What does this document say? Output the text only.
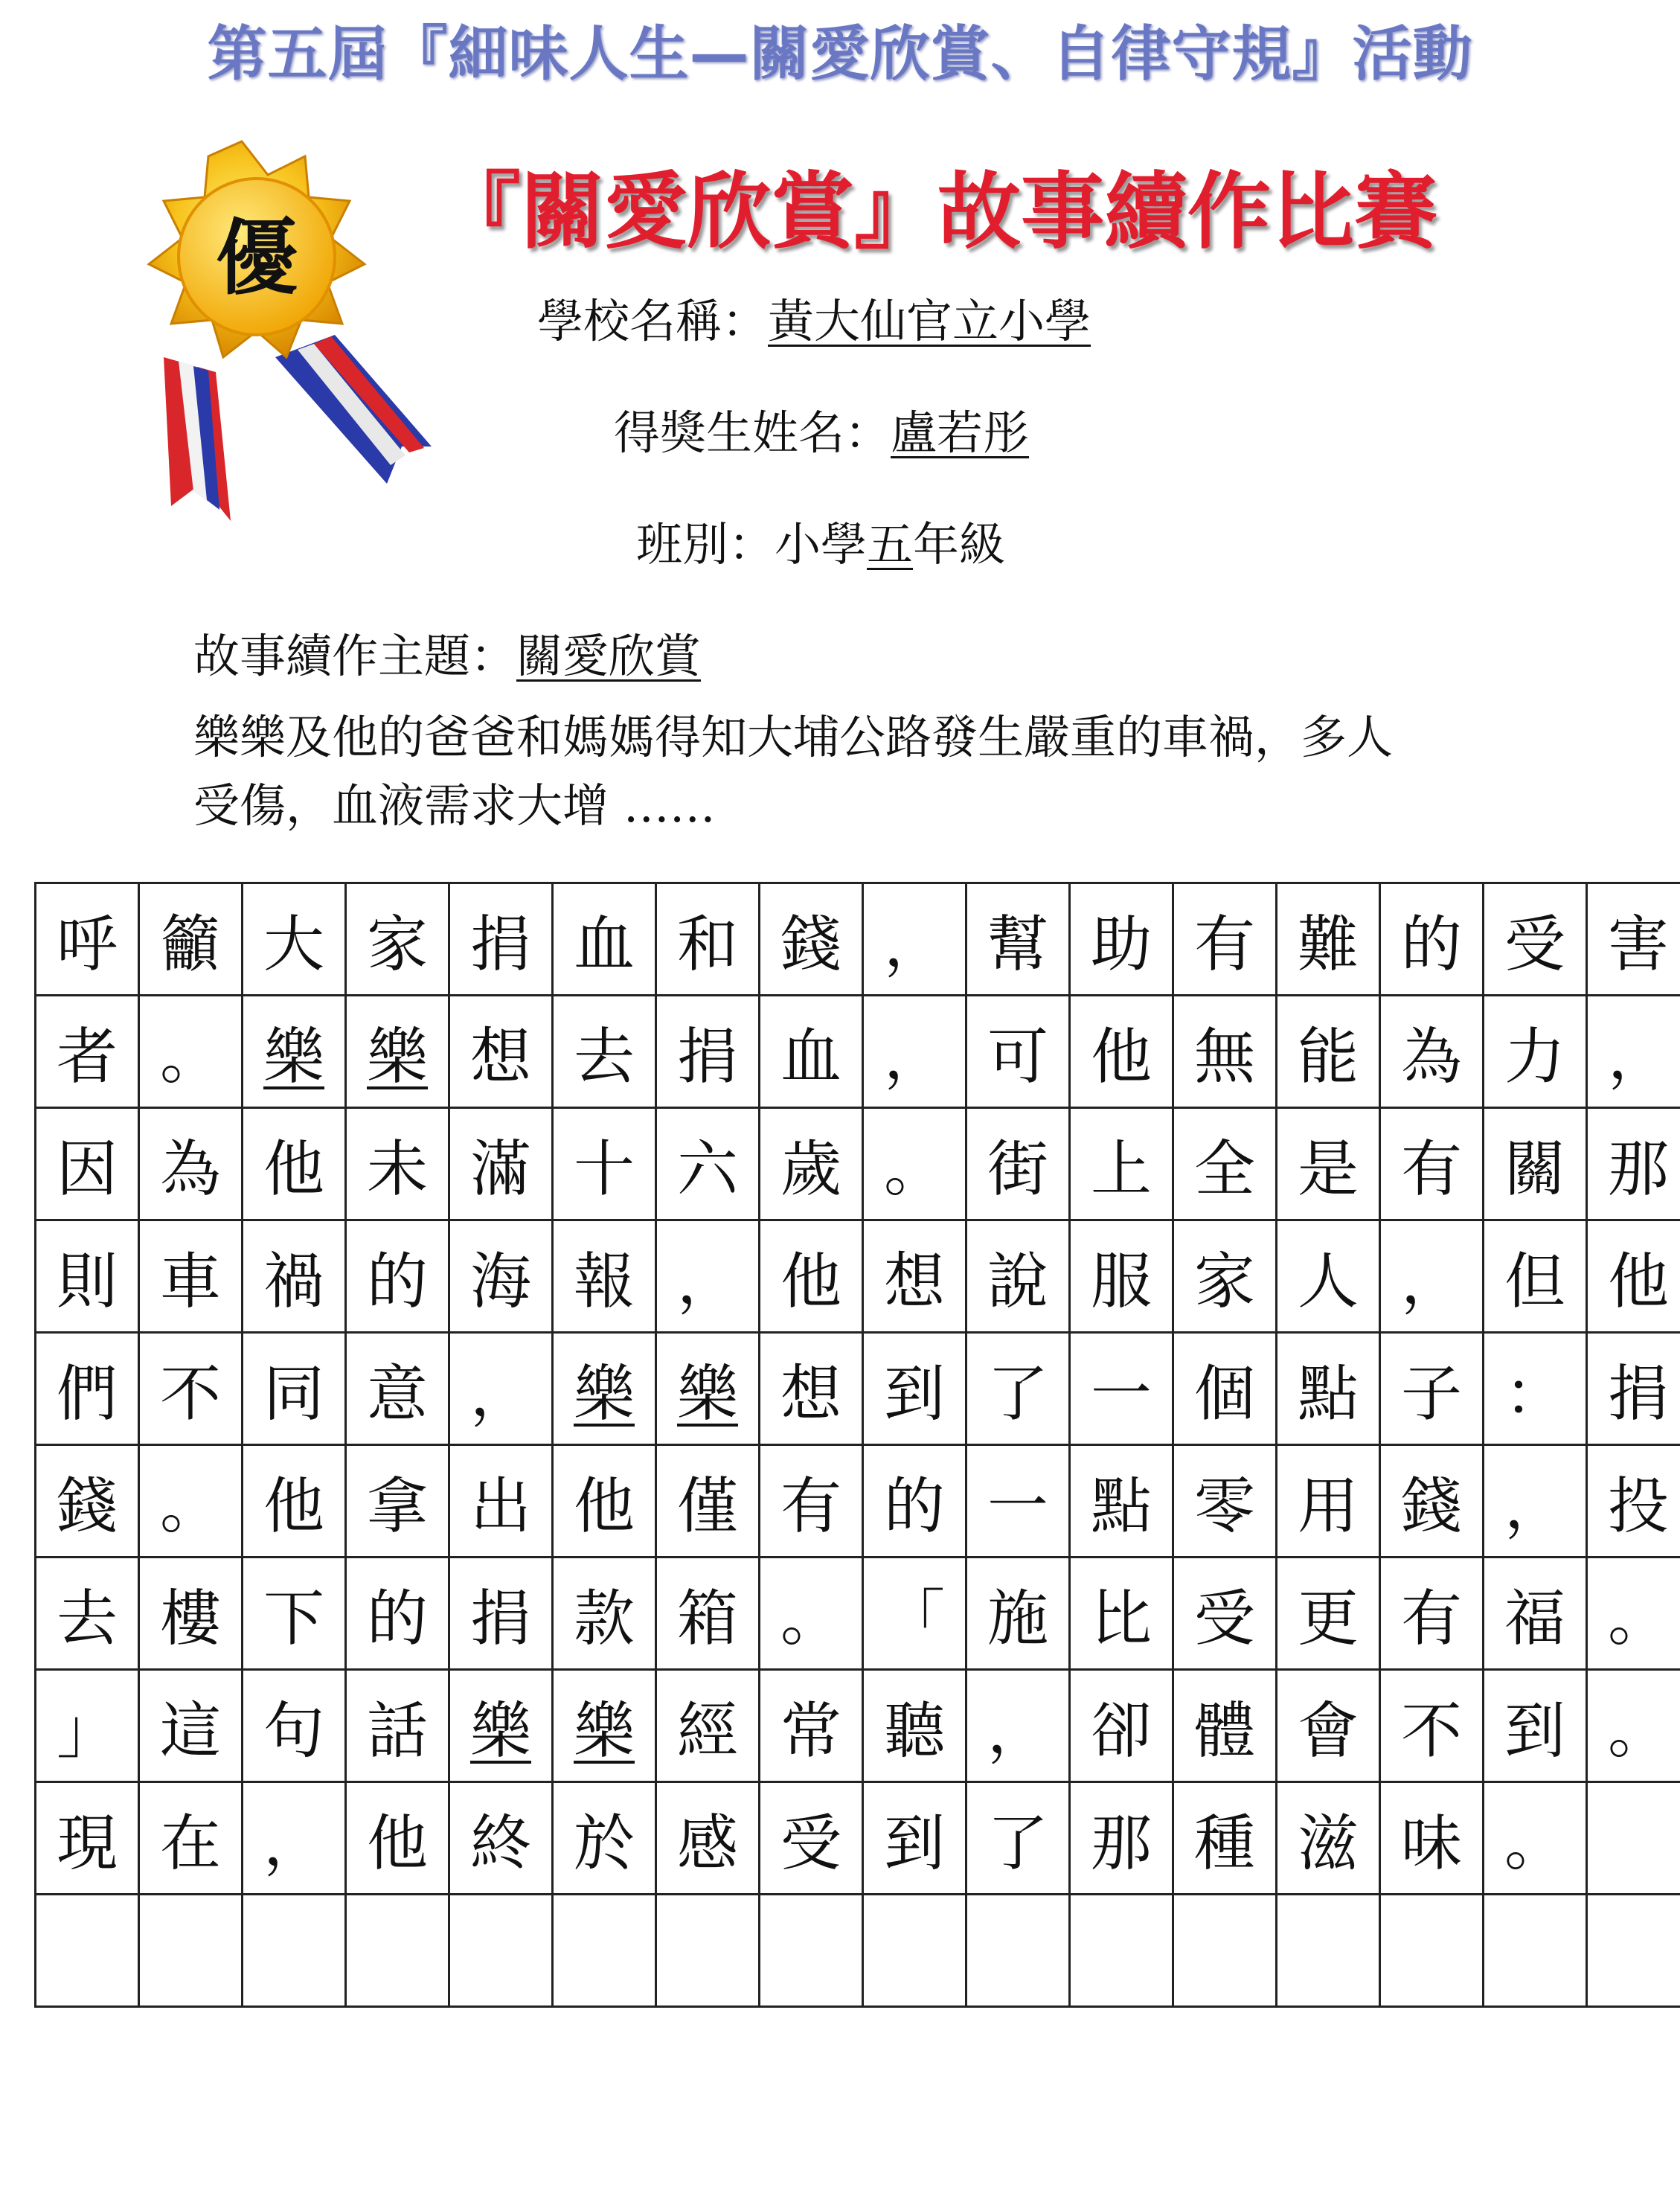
第五屆『細味人生—關愛欣賞、自律守規』活動
優 『關愛欣賞』故事續作比賽
學校名稱：黃大仙官立小學
得獎生姓名：盧若彤
班別：小學五年級
故事續作主題：關愛欣賞
樂樂及他的爸爸和媽媽得知大埔公路發生嚴重的車禍，多人
受傷，血液需求大增 ……
呼	籲	大	家	捐	血	和	錢	，	幫	助	有	難	的	受	害
者	。	樂	樂	想	去	捐	血	，	可	他	無	能	為	力	，
因	為	他	未	滿	十	六	歲	。	街	上	全	是	有	關	那
則	車	禍	的	海	報	，	他	想	說	服	家	人	，	但	他
們	不	同	意	，	樂	樂	想	到	了	一	個	點	子	：	捐
錢	。	他	拿	出	他	僅	有	的	一	點	零	用	錢	，	投
去	樓	下	的	捐	款	箱	。	「	施	比	受	更	有	福	。
」	這	句	話	樂	樂	經	常	聽	，	卻	體	會	不	到	。
現	在	，	他	終	於	感	受	到	了	那	種	滋	味	。	
